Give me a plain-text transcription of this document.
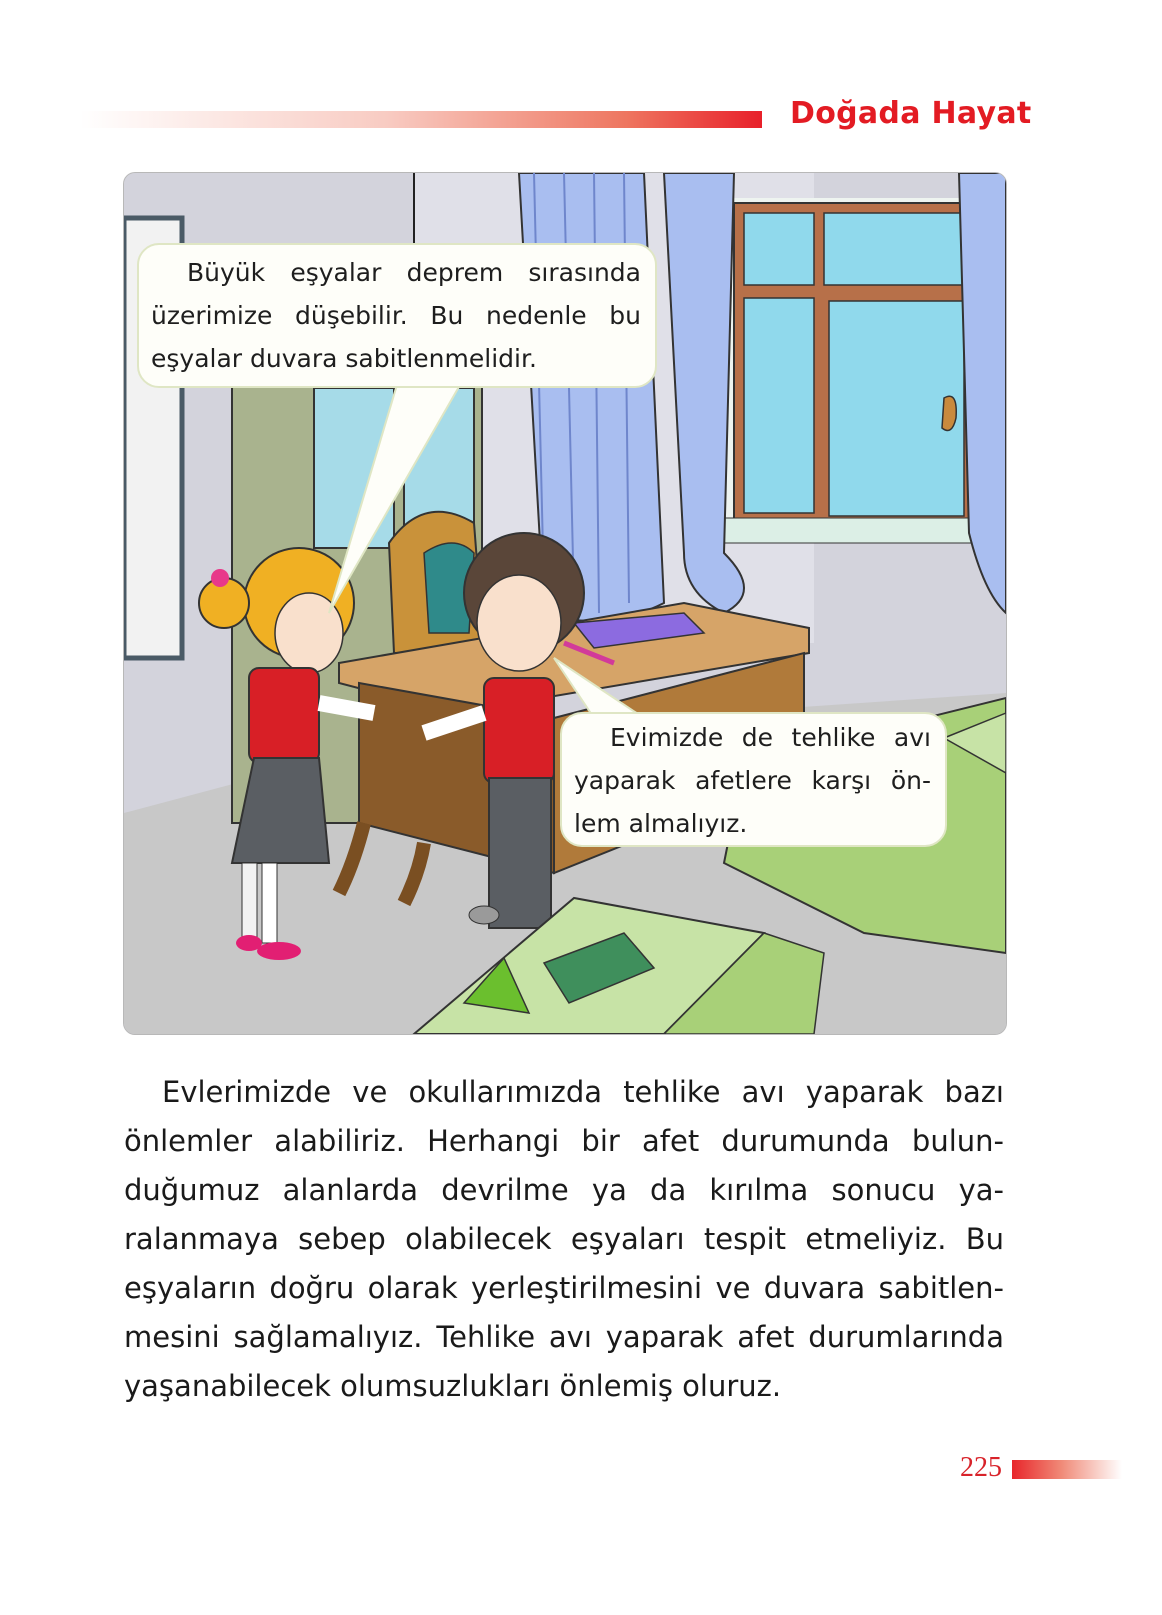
Doğada Hayat
Büyük eşyalar deprem sırasında
üzerimize düşebilir. Bu nedenle bu
eşyalar duvara sabitlenmelidir.
Evimizde de tehlike avı
yaparak afetlere karşı ön-
lem almalıyız.
Evlerimizde ve okullarımızda tehlike avı yaparak bazı
önlemler alabiliriz. Herhangi bir afet durumunda bulun-
duğumuz alanlarda devrilme ya da kırılma sonucu ya-
ralanmaya sebep olabilecek eşyaları tespit etmeliyiz. Bu
eşyaların doğru olarak yerleştirilmesini ve duvara sabitlen-
mesini sağlamalıyız. Tehlike avı yaparak afet durumlarında
yaşanabilecek olumsuzlukları önlemiş oluruz.
225
